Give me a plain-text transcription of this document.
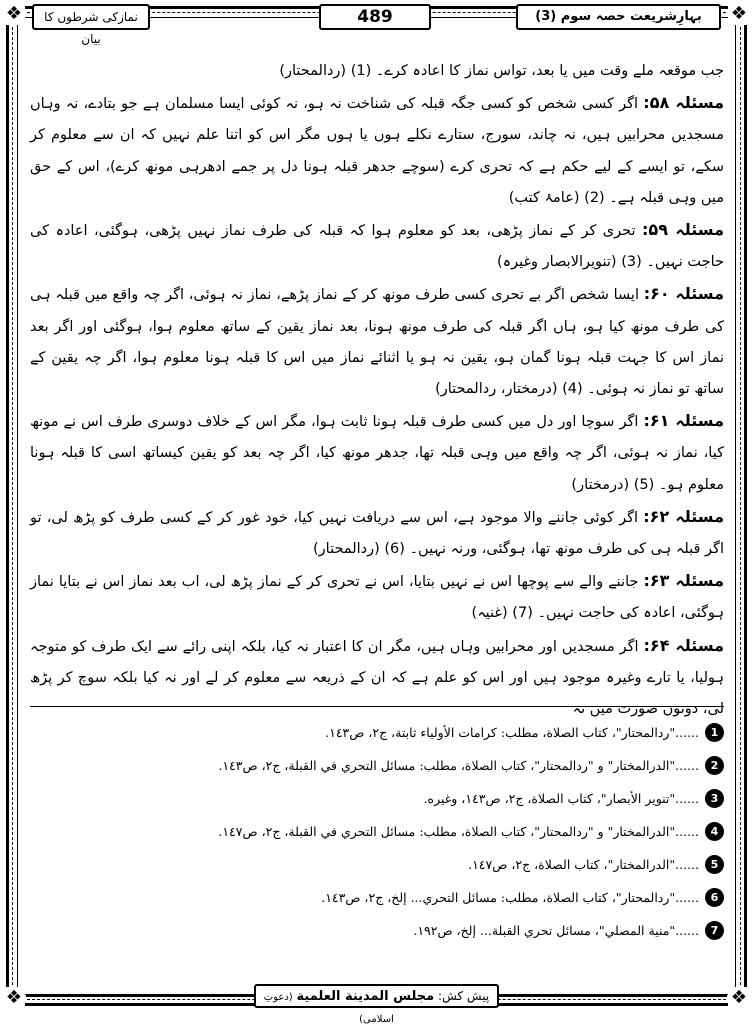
❖	❖
❖	❖
بہارِشریعت حصہ سوم (3)
489
نمازکی شرطوں کا بیان

جب موقعہ ملے وقت میں یا بعد، تواس نماز کا اعادہ کرے۔ (1) (ردالمحتار)

مسئلہ ۵۸: اگر کسی شخص کو کسی جگہ قبلہ کی شناخت نہ ہو، نہ کوئی ایسا مسلمان ہے جو بتادے، نہ وہاں مسجدیں محرابیں ہیں، نہ چاند، سورج، ستارے نکلے ہوں یا ہوں مگر اس کو اتنا علم نہیں کہ ان سے معلوم کر سکے، تو ایسے کے لیے حکم ہے کہ تحری کرے (سوچے جدھر قبلہ ہونا دل پر جمے ادھرہی مونھ کرے)، اس کے حق میں وہی قبلہ ہے۔ (2) (عامۂ کتب)

مسئلہ ۵۹: تحری کر کے نماز پڑھی، بعد کو معلوم ہوا کہ قبلہ کی طرف نماز نہیں پڑھی، ہوگئی، اعادہ کی حاجت نہیں۔ (3) (تنویرالابصار وغیرہ)

مسئلہ ۶۰: ایسا شخص اگر بے تحری کسی طرف مونھ کر کے نماز پڑھے، نماز نہ ہوئی، اگر چہ واقع میں قبلہ ہی کی طرف مونھ کیا ہو، ہاں اگر قبلہ کی طرف مونھ ہونا، بعد نماز یقین کے ساتھ معلوم ہوا، ہوگئی اور اگر بعد نماز اس کا جہت قبلہ ہونا گمان ہو، یقین نہ ہو یا اثنائے نماز میں اس کا قبلہ ہونا معلوم ہوا، اگر چہ یقین کے ساتھ تو نماز نہ ہوئی۔ (4) (درمختار، ردالمحتار)

مسئلہ ۶۱: اگر سوچا اور دل میں کسی طرف قبلہ ہونا ثابت ہوا، مگر اس کے خلاف دوسری طرف اس نے مونھ کیا، نماز نہ ہوئی، اگر چہ واقع میں وہی قبلہ تھا، جدھر مونھ کیا، اگر چہ بعد کو یقین کیساتھ اسی کا قبلہ ہونا معلوم ہو۔ (5) (درمختار)

مسئلہ ۶۲: اگر کوئی جاننے والا موجود ہے، اس سے دریافت نہیں کیا، خود غور کر کے کسی طرف کو پڑھ لی، تو اگر قبلہ ہی کی طرف مونھ تھا، ہوگئی، ورنہ نہیں۔ (6) (ردالمحتار)

مسئلہ ۶۳: جاننے والے سے پوچھا اس نے نہیں بتایا، اس نے تحری کر کے نماز پڑھ لی، اب بعد نماز اس نے بتایا نماز ہوگئی، اعادہ کی حاجت نہیں۔ (7) (غنیہ)

مسئلہ ۶۴: اگر مسجدیں اور محرابیں وہاں ہیں، مگر ان کا اعتبار نہ کیا، بلکہ اپنی رائے سے ایک طرف کو متوجہ ہولیا، یا تارے وغیرہ موجود ہیں اور اس کو علم ہے کہ ان کے ذریعہ سے معلوم کر لے اور نہ کیا بلکہ سوچ کر پڑھ لی، دونوں صورت میں نہ

1
......"ردالمحتار"، كتاب الصلاة، مطلب: كرامات الأولياء ثابتة، ج٢، ص١٤٣.
2
......"الدرالمختار" و "ردالمحتار"، كتاب الصلاة، مطلب: مسائل التحري في القبلة، ج٢، ص١٤٣.
3
......"تنوير الأبصار"، كتاب الصلاة، ج٢، ص١٤٣، وغيره.
4
......"الدرالمختار" و "ردالمحتار"، كتاب الصلاة، مطلب: مسائل التحري في القبلة، ج٢، ص١٤٧.
5
......"الدرالمختار"، كتاب الصلاة، ج٢، ص١٤٧.
6
......"ردالمحتار"، كتاب الصلاة، مطلب: مسائل التحري... إلخ، ج٢، ص١٤٣.
7
......"منية المصلي"، مسائل تحري القبلة... إلخ، ص١٩٢.
پیش کش: مجلس المدينة العلمية (دعوتِ اسلامی)
